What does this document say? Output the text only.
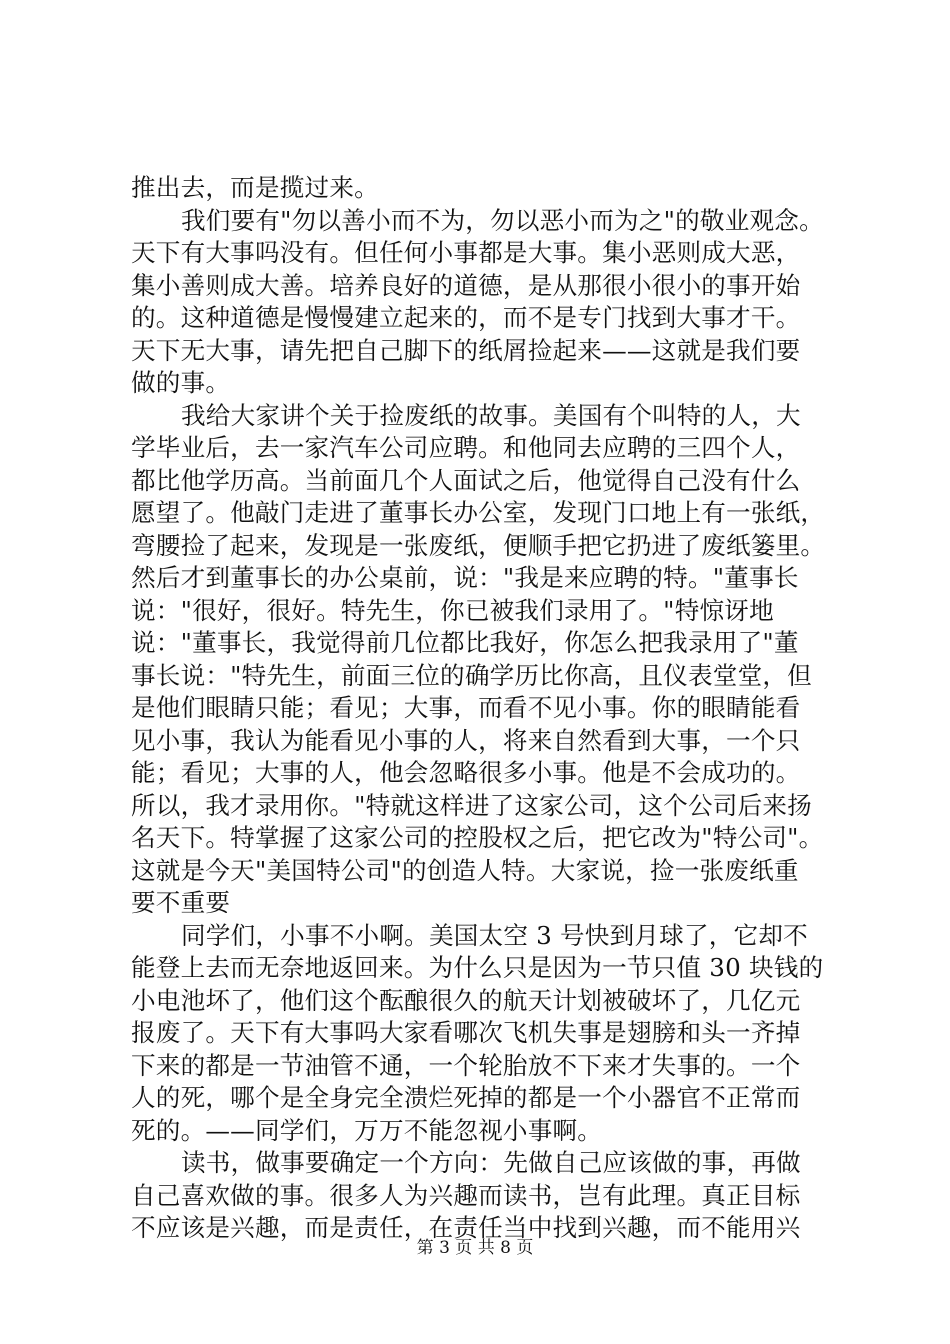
推出去，而是揽过来。
我们要有"勿以善小而不为，勿以恶小而为之"的敬业观念。
天下有大事吗没有。但任何小事都是大事。集小恶则成大恶，
集小善则成大善。培养良好的道德，是从那很小很小的事开始
的。这种道德是慢慢建立起来的，而不是专门找到大事才干。
天下无大事，请先把自己脚下的纸屑捡起来——这就是我们要
做的事。
我给大家讲个关于捡废纸的故事。美国有个叫特的人，大
学毕业后，去一家汽车公司应聘。和他同去应聘的三四个人，
都比他学历高。当前面几个人面试之后，他觉得自己没有什么
愿望了。他敲门走进了董事长办公室，发现门口地上有一张纸，
弯腰捡了起来，发现是一张废纸，便顺手把它扔进了废纸篓里。
然后才到董事长的办公桌前，说："我是来应聘的特。"董事长
说："很好，很好。特先生，你已被我们录用了。"特惊讶地
说："董事长，我觉得前几位都比我好，你怎么把我录用了"董
事长说："特先生，前面三位的确学历比你高，且仪表堂堂，但
是他们眼睛只能；看见；大事，而看不见小事。你的眼睛能看
见小事，我认为能看见小事的人，将来自然看到大事，一个只
能；看见；大事的人，他会忽略很多小事。他是不会成功的。
所以，我才录用你。"特就这样进了这家公司，这个公司后来扬
名天下。特掌握了这家公司的控股权之后，把它改为"特公司"。
这就是今天"美国特公司"的创造人特。大家说，捡一张废纸重
要不重要
同学们，小事不小啊。美国太空 3 号快到月球了，它却不
能登上去而无奈地返回来。为什么只是因为一节只值 30 块钱的
小电池坏了，他们这个酝酿很久的航天计划被破坏了，几亿元
报废了。天下有大事吗大家看哪次飞机失事是翅膀和头一齐掉
下来的都是一节油管不通，一个轮胎放不下来才失事的。一个
人的死，哪个是全身完全溃烂死掉的都是一个小器官不正常而
死的。——同学们，万万不能忽视小事啊。
读书，做事要确定一个方向：先做自己应该做的事，再做
自己喜欢做的事。很多人为兴趣而读书，岂有此理。真正目标
不应该是兴趣，而是责任，在责任当中找到兴趣，而不能用兴
第 3 页 共 8 页
